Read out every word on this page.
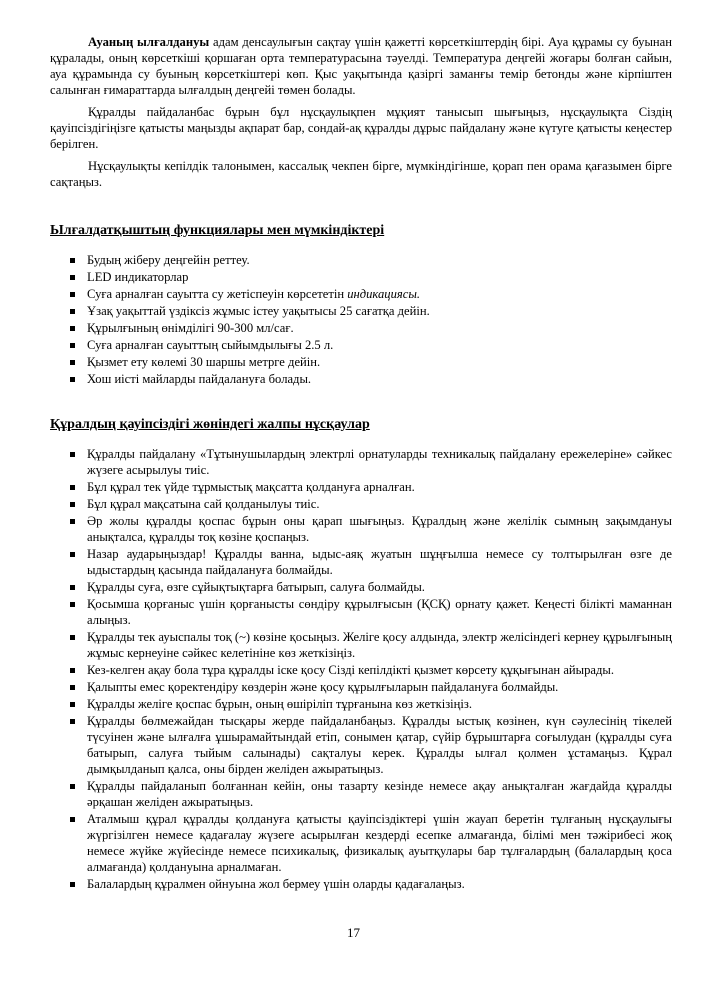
Ауаның ылғалдануы адам денсаулығын сақтау үшін қажетті көрсеткіштердің бірі. Ауа құрамы су буынан құралады, оның көрсеткіші қоршаған орта температурасына тәуелді. Температура деңгейі жоғары болған сайын, ауа құрамында су буының көрсеткіштері көп. Қыс уақытында қазіргі заманғы темір бетонды және кірпіштен салынған ғимараттарда ылғалдың деңгейі төмен болады.

Құралды пайдаланбас бұрын бұл нұсқаулықпен мұқият танысып шығыңыз, нұсқаулықта Сіздің қауіпсіздігіңізге қатысты маңызды ақпарат бар, сондай-ақ құралды дұрыс пайдалану және күтуге қатысты кеңестер берілген.

Нұсқаулықты кепілдік талонымен, кассалық чекпен бірге, мүмкіндігінше, қорап пен орама қағазымен бірге сақтаңыз.

Ылғалдатқыштың функциялары мен мүмкіндіктері
Будың жіберу деңгейін реттеу.
LED индикаторлар
Суға арналған сауытта су жетіспеуін көрсететін индикациясы.
Ұзақ уақыттай үздіксіз жұмыс істеу уақытысы 25 сағатқа дейін.
Құрылғының өнімділігі 90-300 мл/сағ.
Суға арналған сауыттың сыйымдылығы 2.5 л.
Қызмет ету көлемі 30 шаршы метрге дейін.
Хош иісті майларды пайдалануға болады.
Құралдың қауіпсіздігі жөніндегі жалпы нұсқаулар
Құралды пайдалану «Тұтынушылардың электрлі орнатуларды техникалық пайдалану ережелеріне» сәйкес жүзеге асырылуы тиіс.
Бұл құрал тек үйде тұрмыстық мақсатта қолдануға арналған.
Бұл құрал мақсатына сай қолданылуы тиіс.
Әр жолы құралды қоспас бұрын оны қарап шығыңыз. Құралдың және желілік сымның зақымдануы анықталса, құралды тоқ көзіне қоспаңыз.
Назар аударыңыздар! Құралды ванна, ыдыс-аяқ жуатын шұңғылша немесе су толтырылған өзге де ыдыстардың қасында пайдалануға болмайды.
Құралды суға, өзге сұйықтықтарға батырып, салуға болмайды.
Қосымша қорғаныс үшін қорғанысты сөндіру құрылғысын (ҚСҚ) орнату қажет. Кеңесті білікті маманнан алыңыз.
Құралды тек ауыспалы тоқ (~) көзіне қосыңыз. Желіге қосу алдында, электр желісіндегі кернеу құрылғының жұмыс кернеуіне сәйкес келетініне көз жеткізіңіз.
Кез-келген ақау бола тұра құралды іске қосу Сізді кепілдікті қызмет көрсету құқығынан айырады.
Қалыпты емес қоректендіру көздерін және қосу құрылғыларын пайдалануға болмайды.
Құралды желіге қоспас бұрын, оның өшіріліп тұрғанына көз жеткізіңіз.
Құралды бөлмежайдан тысқары жерде пайдаланбаңыз. Құралды ыстық көзінен, күн сәулесінің тікелей түсуінен және ылғалға ұшырамайтындай етіп, сонымен қатар, сүйір бұрыштарға соғылудан (құралды суға батырып, салуға тыйым салынады) сақталуы керек. Құралды ылғал қолмен ұстамаңыз. Құрал дымқылданып қалса, оны бірден желіден ажыратыңыз.
Құралды пайдаланып болғаннан кейін, оны тазарту кезінде немесе ақау анықталған жағдайда құралды әрқашан желіден ажыратыңыз.
Аталмыш құрал құралды қолдануға қатысты қауіпсіздіктері үшін жауап беретін тұлғаның нұсқаулығы жүргізілген немесе қадағалау жүзеге асырылған кездерді есепке алмағанда, білімі мен тәжірибесі жоқ немесе жүйке жүйесінде немесе психикалық, физикалық ауытқулары бар тұлғалардың (балалардың қоса алмағанда) қолдануына арналмаған.
Балалардың құралмен ойнуына жол бермеу үшін оларды қадағалаңыз.
17
